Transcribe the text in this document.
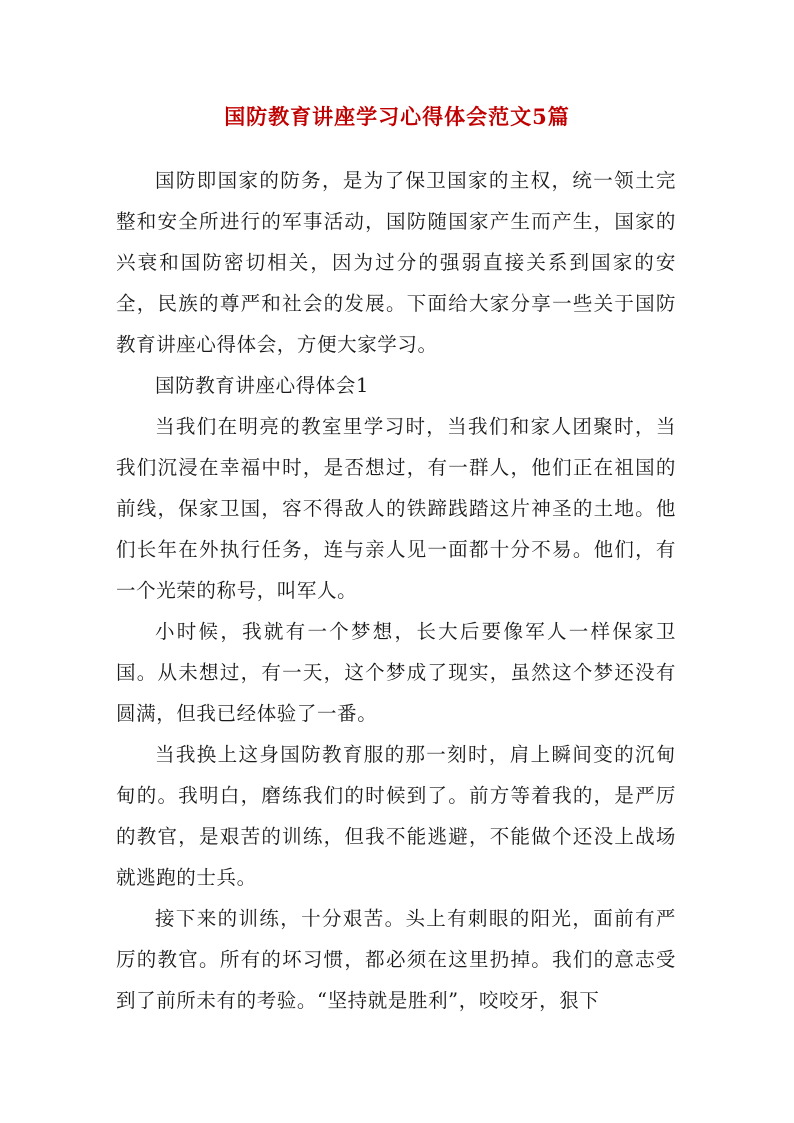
国防教育讲座学习心得体会范文5篇

国防即国家的防务，是为了保卫国家的主权，统一领土完整和安全所进行的军事活动，国防随国家产生而产生，国家的兴衰和国防密切相关，因为过分的强弱直接关系到国家的安全，民族的尊严和社会的发展。下面给大家分享一些关于国防教育讲座心得体会，方便大家学习。

国防教育讲座心得体会1

当我们在明亮的教室里学习时，当我们和家人团聚时，当我们沉浸在幸福中时，是否想过，有一群人，他们正在祖国的前线，保家卫国，容不得敌人的铁蹄践踏这片神圣的土地。他们长年在外执行任务，连与亲人见一面都十分不易。他们，有一个光荣的称号，叫军人。

小时候，我就有一个梦想，长大后要像军人一样保家卫国。从未想过，有一天，这个梦成了现实，虽然这个梦还没有圆满，但我已经体验了一番。

当我换上这身国防教育服的那一刻时，肩上瞬间变的沉甸甸的。我明白，磨练我们的时候到了。前方等着我的，是严厉的教官，是艰苦的训练，但我不能逃避，不能做个还没上战场就逃跑的士兵。

接下来的训练，十分艰苦。头上有刺眼的阳光，面前有严厉的教官。所有的坏习惯，都必须在这里扔掉。我们的意志受到了前所未有的考验。“坚持就是胜利”，咬咬牙，狠下
